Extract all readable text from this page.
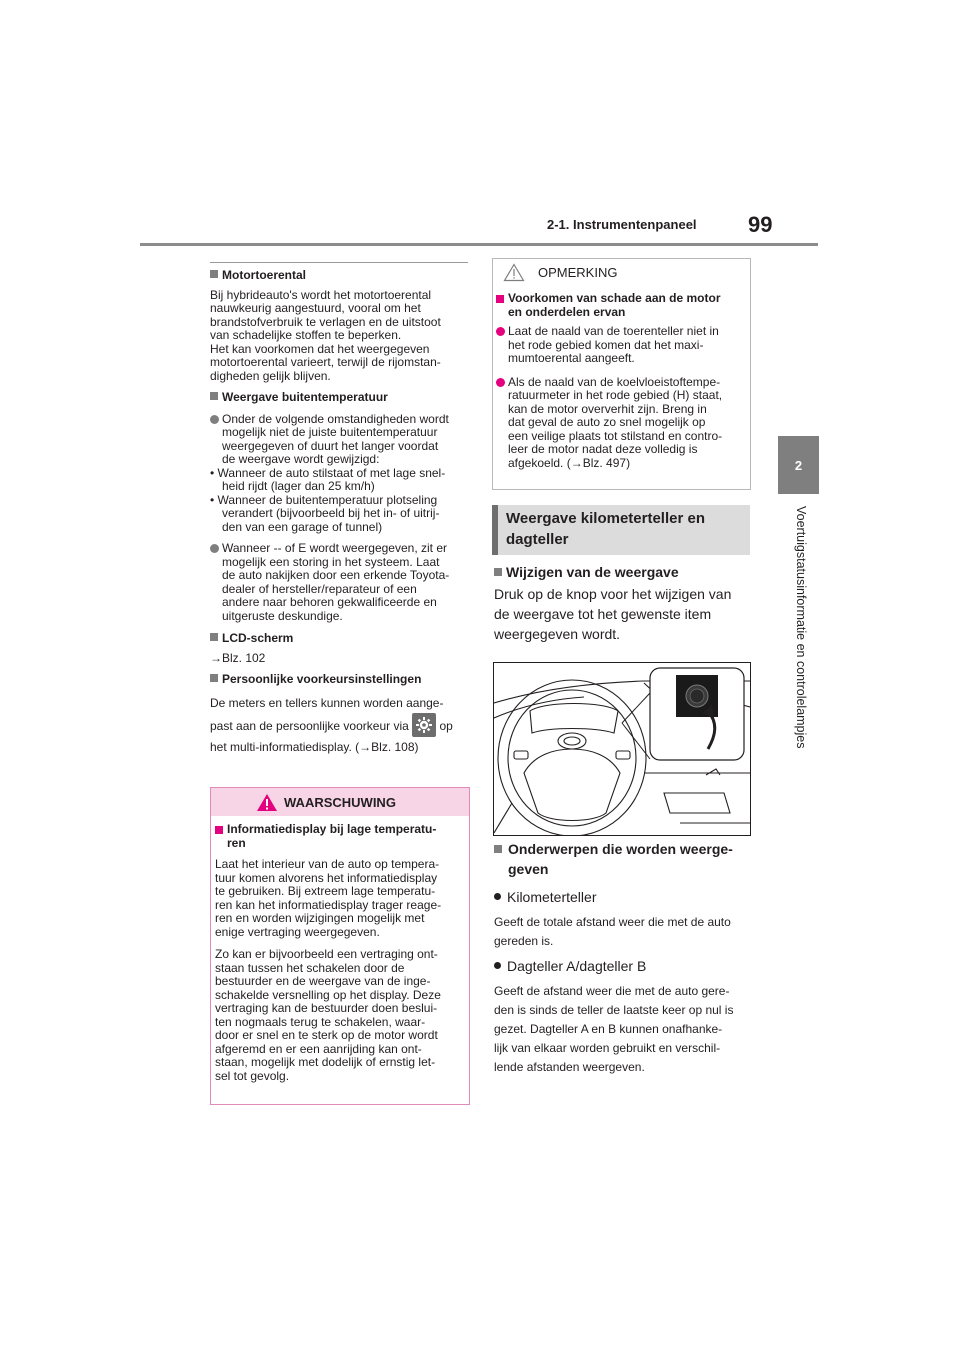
2-1. Instrumentenpaneel 99
2
Voertuigstatusinformatie en controlelampjes
Motortoerental
Bij hybrideauto's wordt het motortoerental
nauwkeurig aangestuurd, vooral om het
brandstofverbruik te verlagen en de uitstoot
van schadelijke stoffen te beperken.
Het kan voorkomen dat het weergegeven
motortoerental varieert, terwijl de rijomstan-
digheden gelijk blijven.
Weergave buitentemperatuur
Onder de volgende omstandigheden wordt
mogelijk niet de juiste buitentemperatuur
weergegeven of duurt het langer voordat
de weergave wordt gewijzigd:
• Wanneer de auto stilstaat of met lage snel-
heid rijdt (lager dan 25 km/h)
• Wanneer de buitentemperatuur plotseling
verandert (bijvoorbeeld bij het in- of uitrij-
den van een garage of tunnel)
Wanneer -- of E wordt weergegeven, zit er
mogelijk een storing in het systeem. Laat
de auto nakijken door een erkende Toyota-
dealer of hersteller/reparateur of een
andere naar behoren gekwalificeerde en
uitgeruste deskundige.
LCD-scherm
→Blz. 102
Persoonlijke voorkeursinstellingen
De meters en tellers kunnen worden aange-
past aan de persoonlijke voorkeur via	op
het multi-informatiedisplay. (→Blz. 108)
WAARSCHUWING
Informatiedisplay bij lage temperatu-
ren
Laat het interieur van de auto op tempera-
tuur komen alvorens het informatiedisplay
te gebruiken. Bij extreem lage temperatu-
ren kan het informatiedisplay trager reage-
ren en worden wijzigingen mogelijk met
enige vertraging weergegeven.
Zo kan er bijvoorbeeld een vertraging ont-
staan tussen het schakelen door de
bestuurder en de weergave van de inge-
schakelde versnelling op het display. Deze
vertraging kan de bestuurder doen beslui-
ten nogmaals terug te schakelen, waar-
door er snel en te sterk op de motor wordt
afgeremd en er een aanrijding kan ont-
staan, mogelijk met dodelijk of ernstig let-
sel tot gevolg.
OPMERKING
Voorkomen van schade aan de motor
en onderdelen ervan
Laat de naald van de toerenteller niet in
het rode gebied komen dat het maxi-
mumtoerental aangeeft.
Als de naald van de koelvloeistoftempe-
ratuurmeter in het rode gebied (H) staat,
kan de motor oververhit zijn. Breng in
dat geval de auto zo snel mogelijk op
een veilige plaats tot stilstand en contro-
leer de motor nadat deze volledig is
afgekoeld. (→Blz. 497)
Weergave kilometerteller en
dagteller
Wijzigen van de weergave
Druk op de knop voor het wijzigen van
de weergave tot het gewenste item
weergegeven wordt.
Onderwerpen die worden weerge-
geven
Kilometerteller
Geeft de totale afstand weer die met de auto
gereden is.
Dagteller A/dagteller B
Geeft de afstand weer die met de auto gere-
den is sinds de teller de laatste keer op nul is
gezet. Dagteller A en B kunnen onafhanke-
lijk van elkaar worden gebruikt en verschil-
lende afstanden weergeven.
